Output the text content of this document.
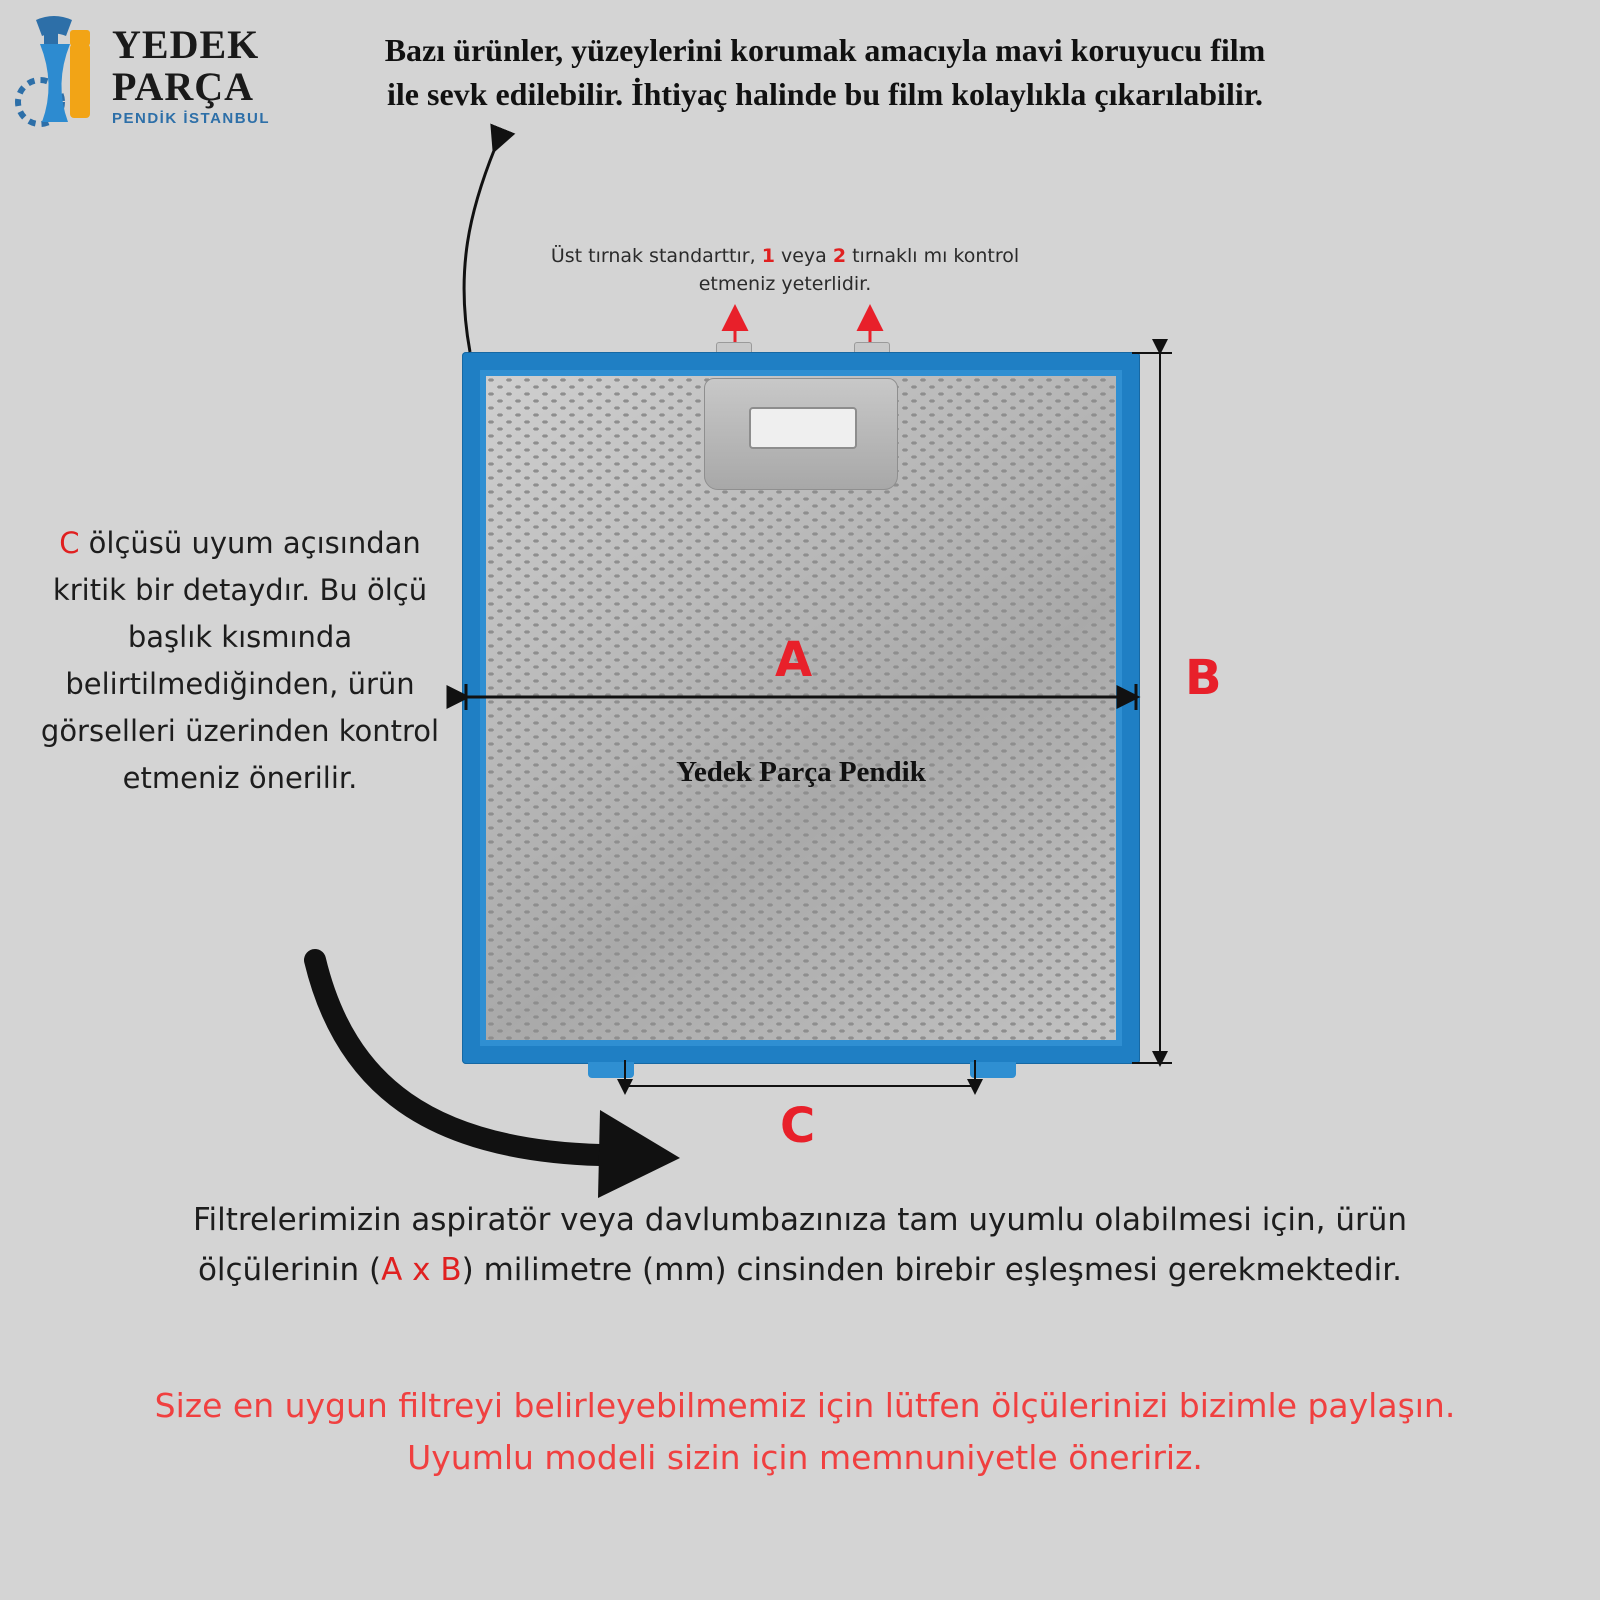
YEDEK
PARÇA
PENDİK İSTANBUL
Bazı ürünler, yüzeylerini korumak amacıyla mavi koruyucu film ile sevk edilebilir. İhtiyaç halinde bu film kolaylıkla çıkarılabilir.
Üst tırnak standarttır, 1 veya 2 tırnaklı mı kontrol etmeniz yeterlidir.
C ölçüsü uyum açısından kritik bir detaydır. Bu ölçü başlık kısmında belirtilmediğinden, ürün görselleri üzerinden kontrol etmeniz önerilir.	Yedek Parça Pendik
A	B
C
Filtrelerimizin aspiratör veya davlumbazınıza tam uyumlu olabilmesi için, ürün ölçülerinin (A x B) milimetre (mm) cinsinden birebir eşleşmesi gerekmektedir.
Size en uygun filtreyi belirleyebilmemiz için lütfen ölçülerinizi bizimle paylaşın. Uyumlu modeli sizin için memnuniyetle öneririz.
